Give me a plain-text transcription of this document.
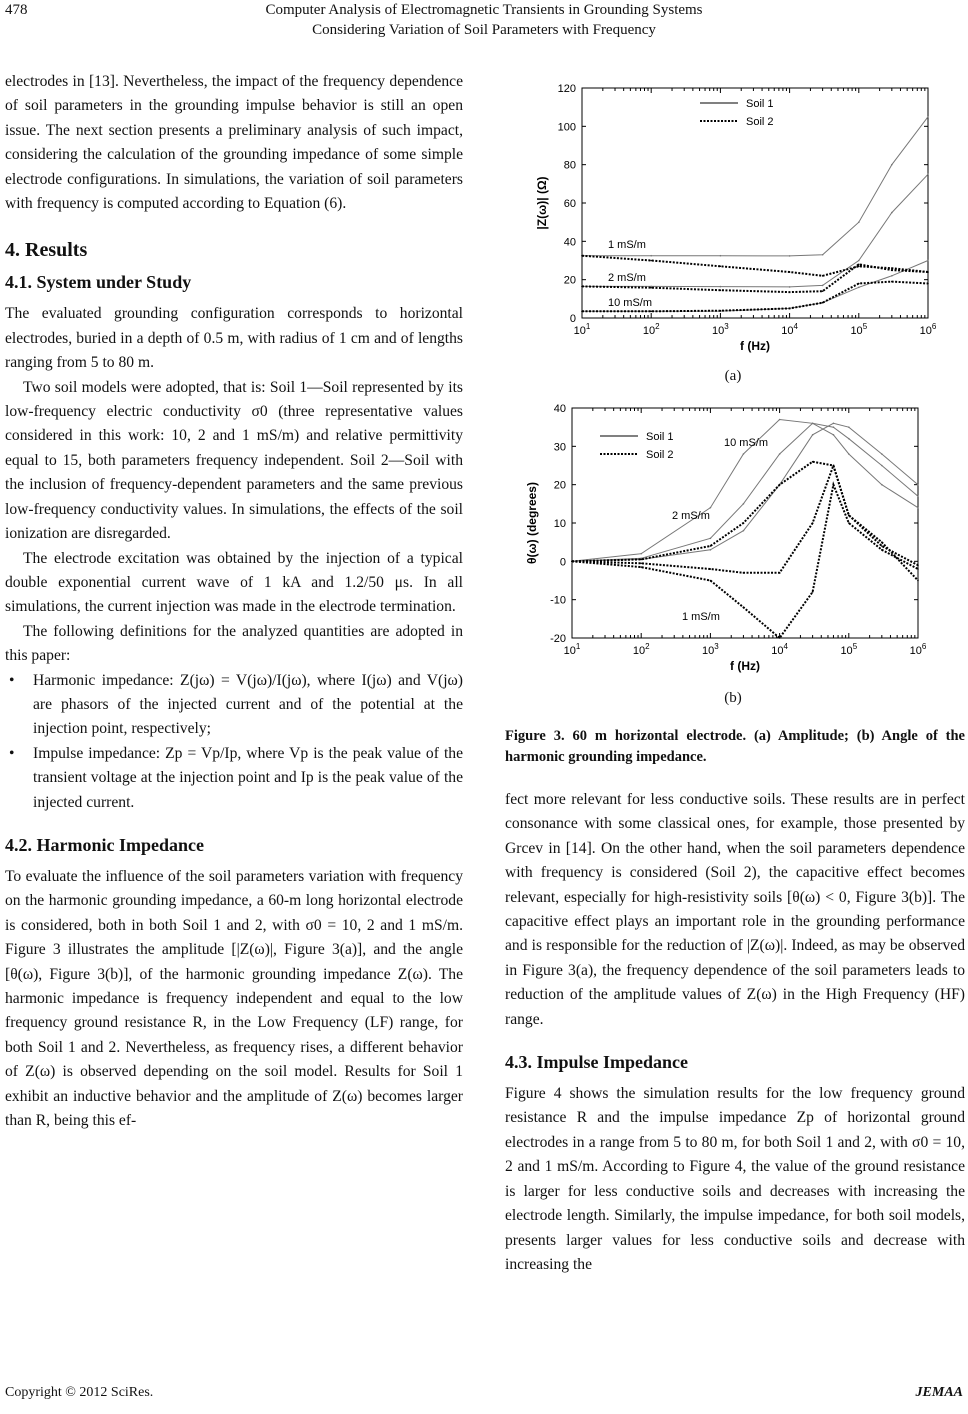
478	Computer Analysis of Electromagnetic Transients in Grounding Systems
Considering Variation of Soil Parameters with Frequency

electrodes in [13]. Nevertheless, the impact of the frequency dependence of soil parameters in the grounding impulse behavior is still an open issue. The next section presents a preliminary analysis of such impact, considering the calculation of the grounding impedance of some simple electrode configurations. In simulations, the variation of soil parameters with frequency is computed according to Equation (6).

4. Results
4.1. System under Study

The evaluated grounding configuration corresponds to horizontal electrodes, buried in a depth of 0.5 m, with radius of 1 cm and of lengths ranging from 5 to 80 m.

Two soil models were adopted, that is: Soil 1—Soil represented by its low-frequency electric conductivity σ0 (three representative values considered in this work: 10, 2 and 1 mS/m) and relative permittivity equal to 15, both parameters frequency independent. Soil 2—Soil with the inclusion of frequency-dependent parameters and the same previous low-frequency conductivity values. In simulations, the effects of the soil ionization are disregarded.

The electrode excitation was obtained by the injection of a typical double exponential current wave of 1 kA and 1.2/50 μs. In all simulations, the current injection was made in the electrode termination.

The following definitions for the analyzed quantities are adopted in this paper:

• Harmonic impedance: Z(jω) = V(jω)/I(jω), where I(jω) and V(jω) are phasors of the injected current and of the potential at the injection point, respectively;
• Impulse impedance: Zp = Vp/Ip, where Vp is the peak value of the transient voltage at the injection point and Ip is the peak value of the injected current.
4.2. Harmonic Impedance

To evaluate the influence of the soil parameters variation with frequency on the harmonic grounding impedance, a 60-m long horizontal electrode is considered, both in both Soil 1 and 2, with σ0 = 10, 2 and 1 mS/m. Figure 3 illustrates the amplitude [|Z(ω)|, Figure 3(a)], and the angle [θ(ω), Figure 3(b)], of the harmonic grounding impedance Z(ω). The harmonic impedance is frequency independent and equal to the low frequency ground resistance R, in the Low Frequency (LF) range, for both Soil 1 and 2. Nevertheless, as frequency rises, a different behavior of Z(ω) is observed depending on the soil model. Results for Soil 1 exhibit an inductive behavior and the amplitude of Z(ω) becomes larger than R, being this ef-

0
20
40
60
80
100
120
$10^1$	$10^2$	$10^3$	$10^4$	$10^5$	$10^6$
f (Hz)
|Z(ω)| (Ω)
Soil 1
Soil 2
1 mS/m
2 mS/m
10 mS/m
(a)
-20
-10
0
10
20
30
40
$10^1$	$10^2$	$10^3$	$10^4$	$10^5$	$10^6$
f (Hz)
θ(ω) (degrees)
Soil 1
Soil 2
10 mS/m
2 mS/m
1 mS/m
(b)
Figure 3. 60 m horizontal electrode. (a) Amplitude; (b) Angle of the harmonic grounding impedance.

fect more relevant for less conductive soils. These results are in perfect consonance with some classical ones, for example, those presented by Grcev in [14]. On the other hand, when the soil parameters dependence with frequency is considered (Soil 2), the capacitive effect becomes relevant, especially for high-resistivity soils [θ(ω) < 0, Figure 3(b)]. The capacitive effect plays an important role in the grounding performance and is responsible for the reduction of |Z(ω)|. Indeed, as may be observed in Figure 3(a), the frequency dependence of the soil parameters leads to reduction of the amplitude values of Z(ω) in the High Frequency (HF) range.

4.3. Impulse Impedance

Figure 4 shows the simulation results for the low frequency ground resistance R and the impulse impedance Zp of horizontal ground electrodes in a range from 5 to 80 m, for both Soil 1 and 2, with σ0 = 10, 2 and 1 mS/m. According to Figure 4, the value of the ground resistance is larger for less conductive soils and decreases with increasing the electrode length. Similarly, the impulse impedance, for both soil models, presents larger values for less conductive soils and decrease with increasing the

Copyright © 2012 SciRes.	JEMAA
